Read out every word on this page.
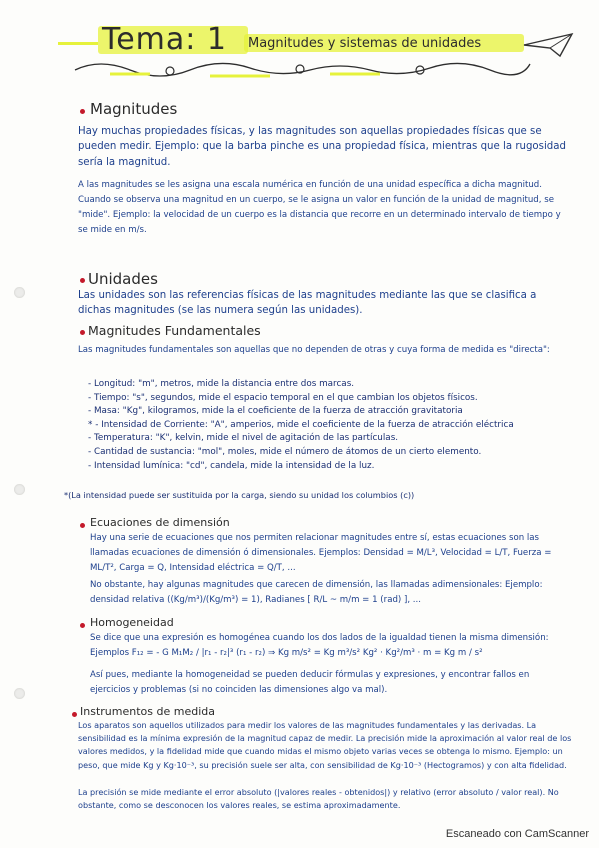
Tema: 1 Magnitudes y sistemas de unidades
Magnitudes
Hay muchas propiedades físicas, y las magnitudes son aquellas propiedades físicas que se pueden medir. Ejemplo: que la barba pinche es una propiedad física, mientras que la rugosidad sería la magnitud.
A las magnitudes se les asigna una escala numérica en función de una unidad específica a dicha magnitud. Cuando se observa una magnitud en un cuerpo, se le asigna un valor en función de la unidad de magnitud, se "mide". Ejemplo: la velocidad de un cuerpo es la distancia que recorre en un determinado intervalo de tiempo y se mide en m/s.
Unidades
Las unidades son las referencias físicas de las magnitudes mediante las que se clasifica a dichas magnitudes (se las numera según las unidades).
Magnitudes Fundamentales
Las magnitudes fundamentales son aquellas que no dependen de otras y cuya forma de medida es "directa":
- Longitud: "m", metros, mide la distancia entre dos marcas.
- Tiempo: "s", segundos, mide el espacio temporal en el que cambian los objetos físicos.
- Masa: "Kg", kilogramos, mide la el coeficiente de la fuerza de atracción gravitatoria
* - Intensidad de Corriente: "A", amperios, mide el coeficiente de la fuerza de atracción eléctrica
- Temperatura: "K", kelvin, mide el nivel de agitación de las partículas.
- Cantidad de sustancia: "mol", moles, mide el número de átomos de un cierto elemento.
- Intensidad lumínica: "cd", candela, mide la intensidad de la luz.
*(La intensidad puede ser sustituida por la carga, siendo su unidad los columbios (c))
Ecuaciones de dimensión
Hay una serie de ecuaciones que nos permiten relacionar magnitudes entre sí, estas ecuaciones son las llamadas ecuaciones de dimensión ó dimensionales. Ejemplos: Densidad = M/L³, Velocidad = L/T, Fuerza = ML/T², Carga = Q, Intensidad eléctrica = Q/T, ...
No obstante, hay algunas magnitudes que carecen de dimensión, las llamadas adimensionales: Ejemplo: densidad relativa ((Kg/m³)/(Kg/m³) = 1), Radianes [ R/L ~ m/m = 1 (rad) ], ...
Homogeneidad
Se dice que una expresión es homogénea cuando los dos lados de la igualdad tienen la misma dimensión: Ejemplos F₁₂ = - G M₁M₂ / |r₁ - r₂|³ (r₁ - r₂) ⇒ Kg m/s² = Kg m³/s² Kg² · Kg²/m³ · m = Kg m / s²
Así pues, mediante la homogeneidad se pueden deducir fórmulas y expresiones, y encontrar fallos en ejercicios y problemas (si no coinciden las dimensiones algo va mal).
Instrumentos de medida
Los aparatos son aquellos utilizados para medir los valores de las magnitudes fundamentales y las derivadas. La sensibilidad es la mínima expresión de la magnitud capaz de medir. La precisión mide la aproximación al valor real de los valores medidos, y la fidelidad mide que cuando midas el mismo objeto varias veces se obtenga lo mismo. Ejemplo: un peso, que mide Kg y Kg·10⁻³, su precisión suele ser alta, con sensibilidad de Kg·10⁻³ (Hectogramos) y con alta fidelidad.
La precisión se mide mediante el error absoluto (|valores reales - obtenidos|) y relativo (error absoluto / valor real). No obstante, como se desconocen los valores reales, se estima aproximadamente.
Escaneado con CamScanner
